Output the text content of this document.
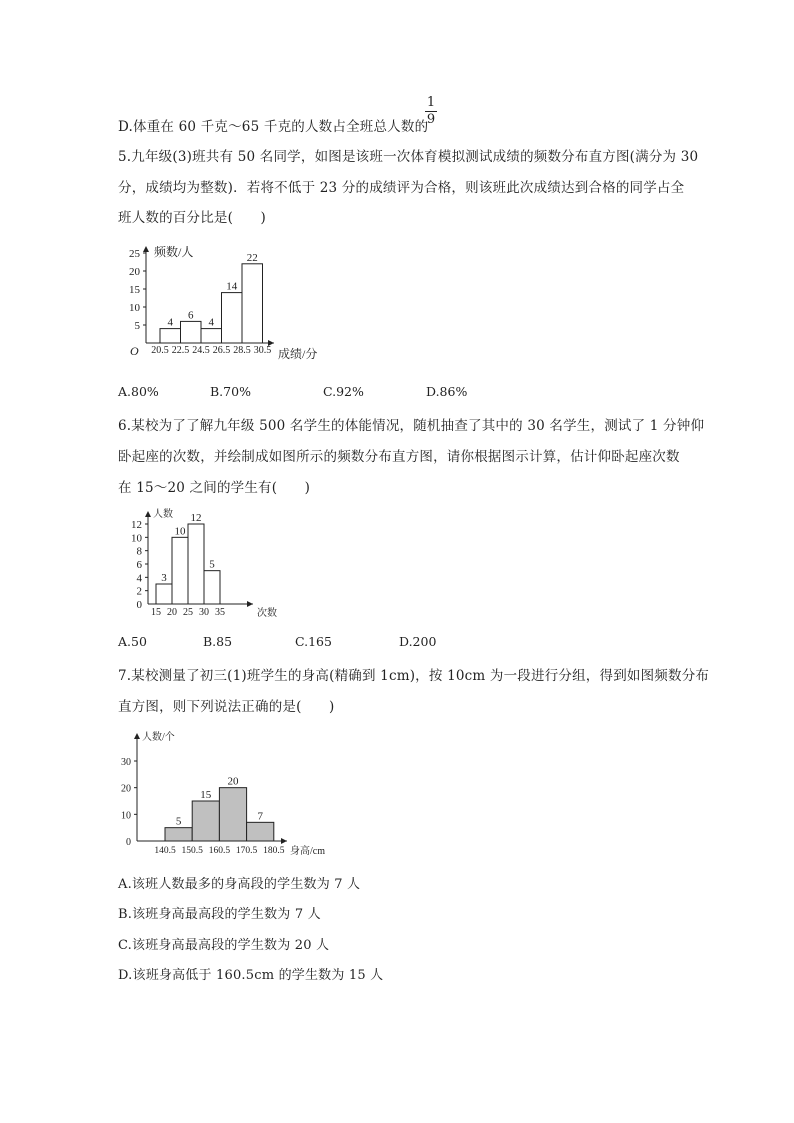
D.体重在 60 千克～65 千克的人数占全班总人数的
1
9
5.九年级(3)班共有 50 名同学，如图是该班一次体育模拟测试成绩的频数分布直方图(满分为 30
分，成绩均为整数)．若将不低于 23 分的成绩评为合格，则该班此次成绩达到合格的同学占全
班人数的百分比是(　　)
5
10
15
20
25 频数/人
成绩/分
O
4
6
4
14
22
20.5 22.5 24.5 26.5 28.5 30.5
A.80%	B.70%	C.92%	D.86%
6.某校为了了解九年级 500 名学生的体能情况，随机抽查了其中的 30 名学生，测试了 1 分钟仰
卧起座的次数，并绘制成如图所示的频数分布直方图，请你根据图示计算，估计仰卧起座次数
在 15～20 之间的学生有(　　)
0
2
4
6
8
10
12
人数
次数
3
10
12
5
15 20 25 30 35
A.50	B.85	C.165	D.200
7.某校测量了初三(1)班学生的身高(精确到 1cm)，按 10cm 为一段进行分组，得到如图频数分布
直方图，则下列说法正确的是(　　)
0
10
20
30
人数/个
身高/cm
5
15
20
7
140.5 150.5 160.5 170.5 180.5
A.该班人数最多的身高段的学生数为 7 人
B.该班身高最高段的学生数为 7 人
C.该班身高最高段的学生数为 20 人
D.该班身高低于 160.5cm 的学生数为 15 人
